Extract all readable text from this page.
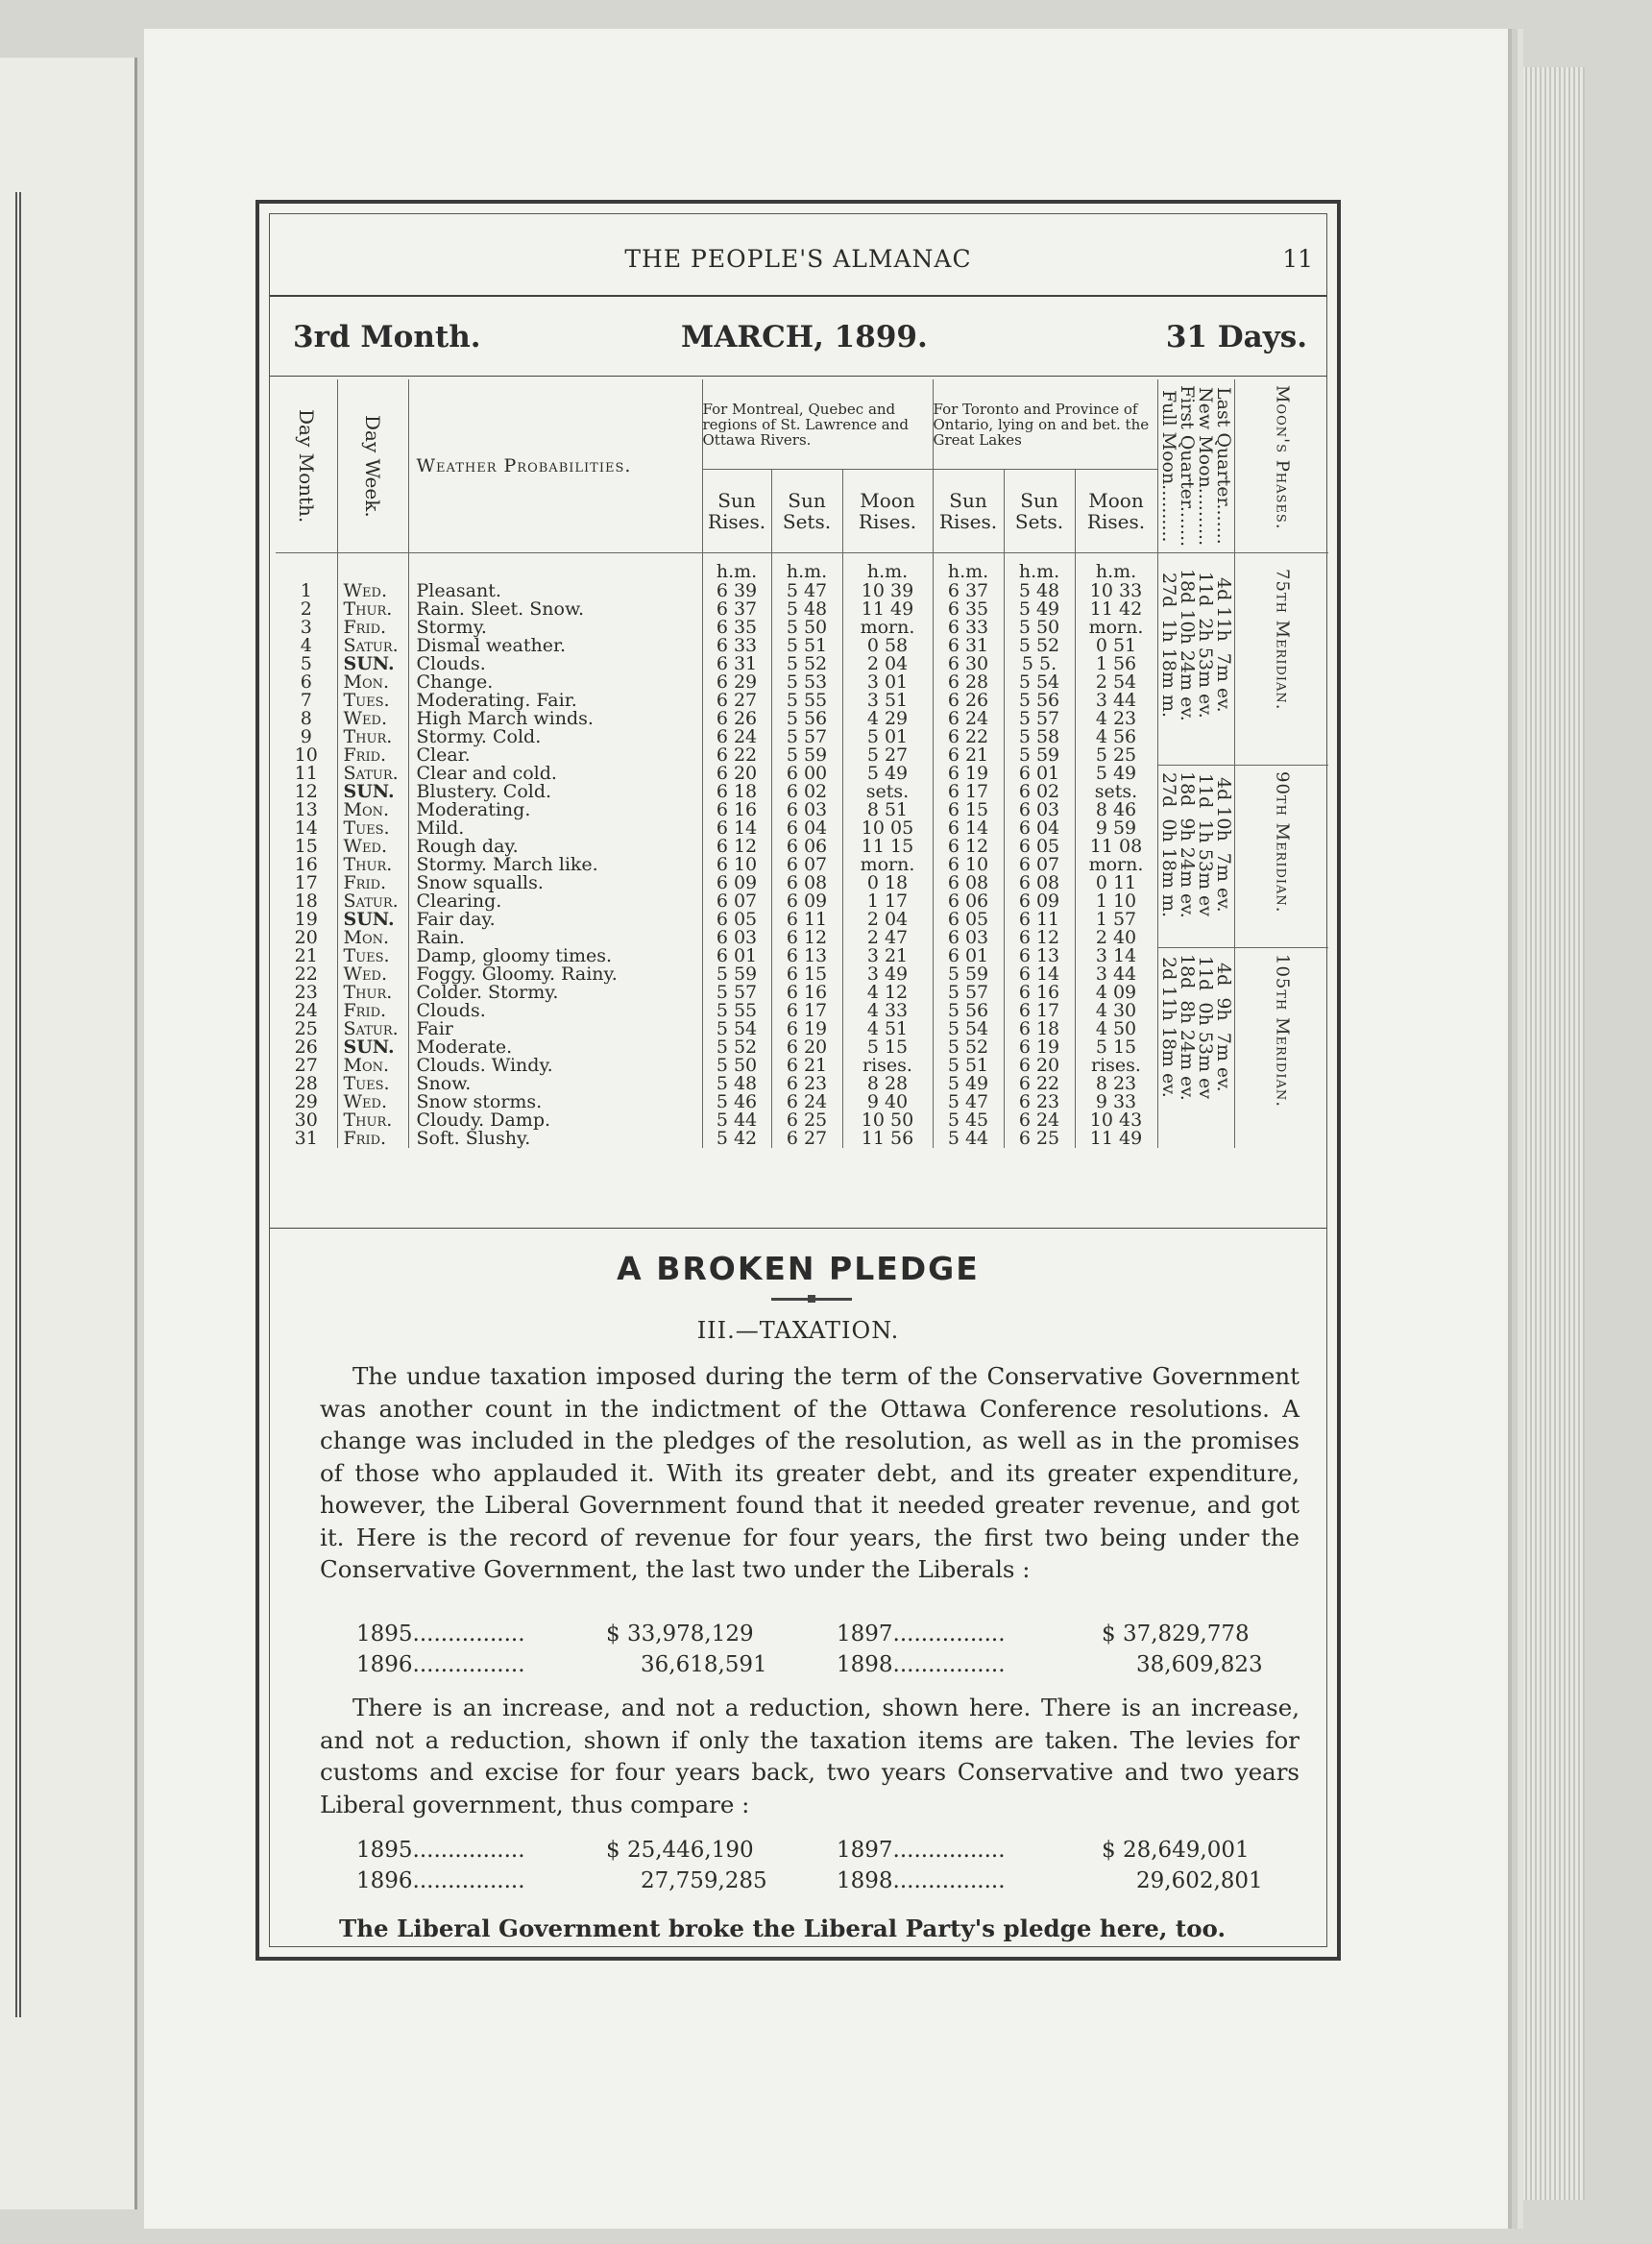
THE PEOPLE'S ALMANAC	11
3rd Month.	MARCH, 1899.	31 Days.
Day Month.	Day Week.	Weather Probabilities.	For Montreal, Quebec and regions of St. Lawrence and Ottawa Rivers.			For Toronto and Province of Ontario, lying on and bet. the Great Lakes			Last Quarter.......
New Moon..........
First Quarter.......
Full Moon..........	Moon's Phases.

			Sun Rises.	Sun Sets.	Moon Rises.	Sun Rises.	Sun Sets.	Moon Rises.		
			h.m.	h.m.	h.m.	h.m.	h.m.	h.m.	4d 11h  7m ev.
11d  2h 53m ev.
18d 10h 24m ev.
27d  1h 18m m.	75th Meridian.

1	Wed.	Pleasant.	6 39	5 47	10 39	6 37	5 48	10 33		
2	Thur.	Rain. Sleet. Snow.	6 37	5 48	11 49	6 35	5 49	11 42		
3	Frid.	Stormy.	6 35	5 50	morn.	6 33	5 50	morn.		
4	Satur.	Dismal weather.	6 33	5 51	0 58	6 31	5 52	0 51		
5	SUN.	Clouds.	6 31	5 52	2 04	6 30	5 5.	1 56		
6	Mon.	Change.	6 29	5 53	3 01	6 28	5 54	2 54		
7	Tues.	Moderating. Fair.	6 27	5 55	3 51	6 26	5 56	3 44		
8	Wed.	High March winds.	6 26	5 56	4 29	6 24	5 57	4 23		
9	Thur.	Stormy. Cold.	6 24	5 57	5 01	6 22	5 58	4 56		
10	Frid.	Clear.	6 22	5 59	5 27	6 21	5 59	5 25		
11	Satur.	Clear and cold.	6 20	6 00	5 49	6 19	6 01	5 49	4d 10h  7m ev.
11d  1h 53m ev
18d  9h 24m ev.
27d  0h 18m m.	90th Meridian.

12	SUN.	Blustery. Cold.	6 18	6 02	sets.	6 17	6 02	sets.		
13	Mon.	Moderating.	6 16	6 03	8 51	6 15	6 03	8 46		
14	Tues.	Mild.	6 14	6 04	10 05	6 14	6 04	9 59		
15	Wed.	Rough day.	6 12	6 06	11 15	6 12	6 05	11 08		
16	Thur.	Stormy. March like.	6 10	6 07	morn.	6 10	6 07	morn.		
17	Frid.	Snow squalls.	6 09	6 08	0 18	6 08	6 08	0 11		
18	Satur.	Clearing.	6 07	6 09	1 17	6 06	6 09	1 10		
19	SUN.	Fair day.	6 05	6 11	2 04	6 05	6 11	1 57		
20	Mon.	Rain.	6 03	6 12	2 47	6 03	6 12	2 40		
21	Tues.	Damp, gloomy times.	6 01	6 13	3 21	6 01	6 13	3 14	4d  9h  7m ev.
11d  0h 53m ev
18d  8h 24m ev.
2d 11h 18m ev.	105th Meridian.

22	Wed.	Foggy. Gloomy. Rainy.	5 59	6 15	3 49	5 59	6 14	3 44		
23	Thur.	Colder. Stormy.	5 57	6 16	4 12	5 57	6 16	4 09		
24	Frid.	Clouds.	5 55	6 17	4 33	5 56	6 17	4 30		
25	Satur.	Fair	5 54	6 19	4 51	5 54	6 18	4 50		
26	SUN.	Moderate.	5 52	6 20	5 15	5 52	6 19	5 15		
27	Mon.	Clouds. Windy.	5 50	6 21	rises.	5 51	6 20	rises.		
28	Tues.	Snow.	5 48	6 23	8 28	5 49	6 22	8 23		
29	Wed.	Snow storms.	5 46	6 24	9 40	5 47	6 23	9 33		
30	Thur.	Cloudy. Damp.	5 44	6 25	10 50	5 45	6 24	10 43		
31	Frid.	Soft. Slushy.	5 42	6 27	11 56	5 44	6 25	11 49		
A BROKEN PLEDGE
III.—TAXATION.
The undue taxation imposed during the term of the Conservative Government was another count in the indictment of the Ottawa Conference resolutions. A change was included in the pledges of the resolution, as well as in the promises of those who applauded it. With its greater debt, and its greater expenditure, however, the Liberal Government found that it needed greater revenue, and got it. Here is the record of revenue for four years, the first two being under the Conservative Government, the last two under the Liberals :
1895................	$ 33,978,129
1896................	36,618,591
1897................	$ 37,829,778
1898................	38,609,823
There is an increase, and not a reduction, shown here. There is an increase, and not a reduction, shown if only the taxation items are taken. The levies for customs and excise for four years back, two years Conservative and two years Liberal government, thus compare :
1895................	$ 25,446,190
1896................	27,759,285
1897................	$ 28,649,001
1898................	29,602,801
The Liberal Government broke the Liberal Party's pledge here, too.
